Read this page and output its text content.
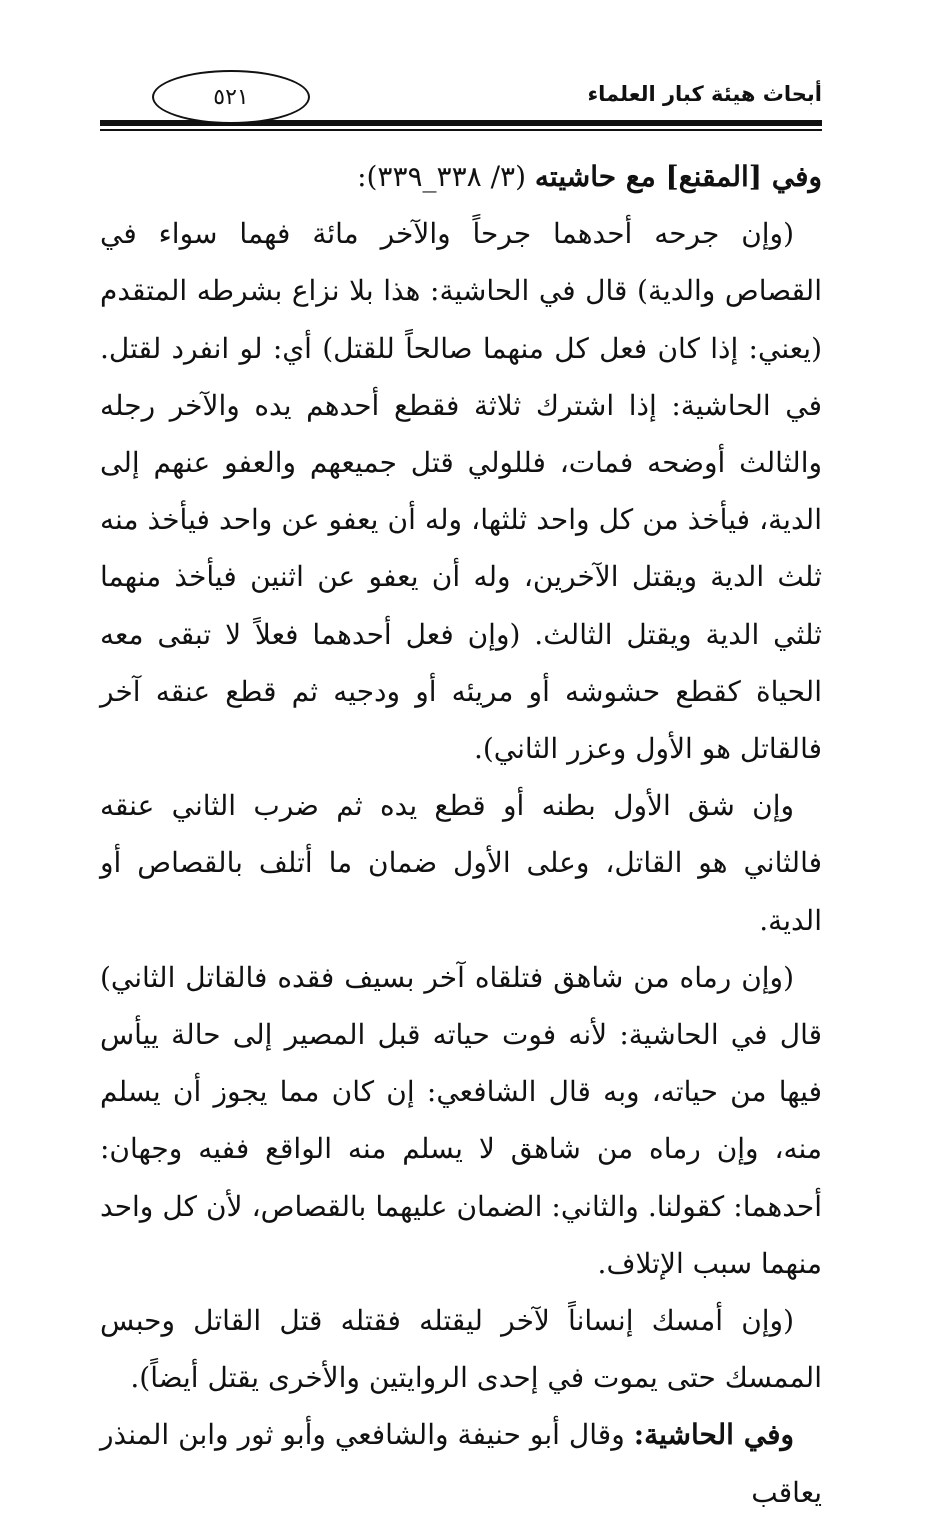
أبحاث هيئة كبار العلماء
٥٢١

وفي [المقنع] مع حاشيته (٣/ ٣٣٨_٣٣٩):

(وإن جرحه أحدهما جرحاً والآخر مائة فهما سواء في القصاص والدية) قال في الحاشية: هذا بلا نزاع بشرطه المتقدم (يعني: إذا كان فعل كل منهما صالحاً للقتل) أي: لو انفرد لقتل. في الحاشية: إذا اشترك ثلاثة فقطع أحدهم يده والآخر رجله والثالث أوضحه فمات، فللولي قتل جميعهم والعفو عنهم إلى الدية، فيأخذ من كل واحد ثلثها، وله أن يعفو عن واحد فيأخذ منه ثلث الدية ويقتل الآخرين، وله أن يعفو عن اثنين فيأخذ منهما ثلثي الدية ويقتل الثالث. (وإن فعل أحدهما فعلاً لا تبقى معه الحياة كقطع حشوشه أو مريئه أو ودجيه ثم قطع عنقه آخر فالقاتل هو الأول وعزر الثاني).

وإن شق الأول بطنه أو قطع يده ثم ضرب الثاني عنقه فالثاني هو القاتل، وعلى الأول ضمان ما أتلف بالقصاص أو الدية.

(وإن رماه من شاهق فتلقاه آخر بسيف فقده فالقاتل الثاني) قال في الحاشية: لأنه فوت حياته قبل المصير إلى حالة ييأس فيها من حياته، وبه قال الشافعي: إن كان مما يجوز أن يسلم منه، وإن رماه من شاهق لا يسلم منه الواقع ففيه وجهان: أحدهما: كقولنا. والثاني: الضمان عليهما بالقصاص، لأن كل واحد منهما سبب الإتلاف.

(وإن أمسك إنساناً لآخر ليقتله فقتله قتل القاتل وحبس الممسك حتى يموت في إحدى الروايتين والأخرى يقتل أيضاً).

وفي الحاشية: وقال أبو حنيفة والشافعي وأبو ثور وابن المنذر يعاقب
